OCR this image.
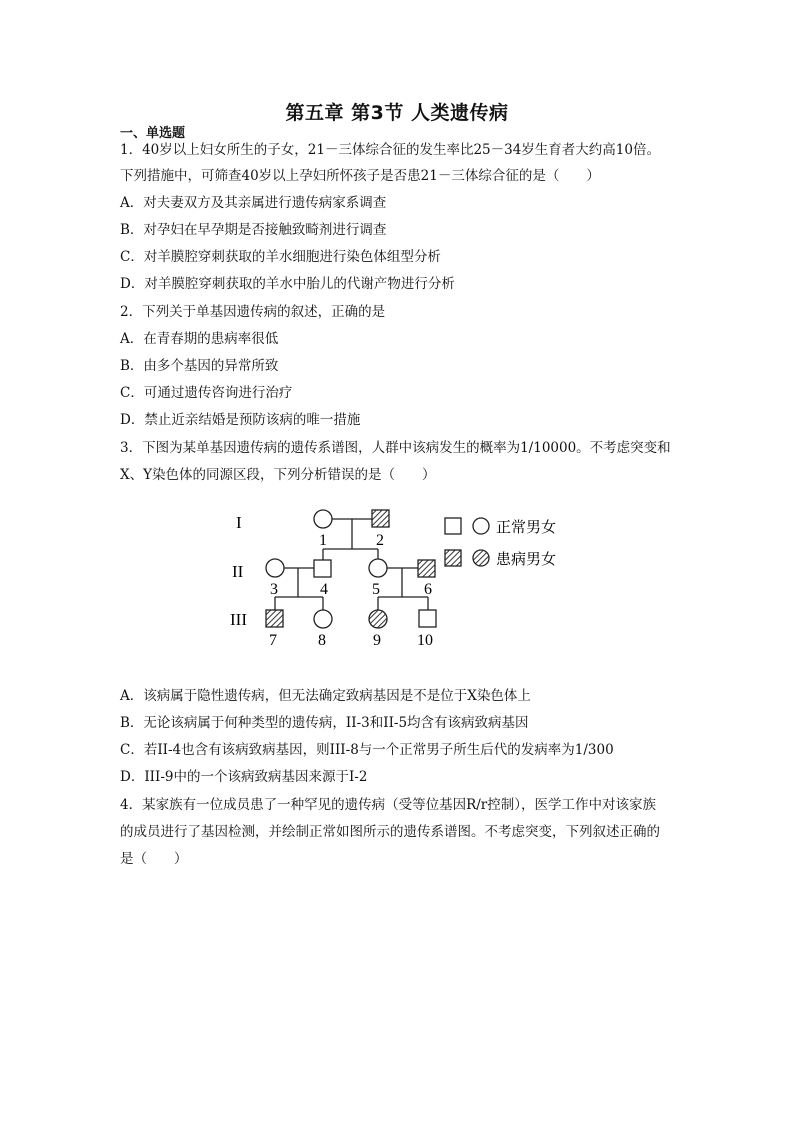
第五章 第3节 人类遗传病
一、单选题
1．40岁以上妇女所生的子女，21－三体综合征的发生率比25－34岁生育者大约高10倍。
下列措施中，可筛查40岁以上孕妇所怀孩子是否患21－三体综合征的是（　　）
A．对夫妻双方及其亲属进行遗传病家系调查
B．对孕妇在早孕期是否接触致畸剂进行调查
C．对羊膜腔穿刺获取的羊水细胞进行染色体组型分析
D．对羊膜腔穿刺获取的羊水中胎儿的代谢产物进行分析
2．下列关于单基因遗传病的叙述，正确的是
A．在青春期的患病率很低
B．由多个基因的异常所致
C．可通过遗传咨询进行治疗
D．禁止近亲结婚是预防该病的唯一措施
3．下图为某单基因遗传病的遗传系谱图，人群中该病发生的概率为1/10000。不考虑突变和
X、Y染色体的同源区段，下列分析错误的是（　　）
I
II
III
1	2
3	4	5	6
7	8	9 10
正常男女
患病男女
A．该病属于隐性遗传病，但无法确定致病基因是不是位于X染色体上
B．无论该病属于何种类型的遗传病，II-3和II-5均含有该病致病基因
C．若II-4也含有该病致病基因，则III-8与一个正常男子所生后代的发病率为1/300
D．III-9中的一个该病致病基因来源于I-2
4．某家族有一位成员患了一种罕见的遗传病（受等位基因R/r控制），医学工作中对该家族
的成员进行了基因检测，并绘制正常如图所示的遗传系谱图。不考虑突变，下列叙述正确的
是（　　）
